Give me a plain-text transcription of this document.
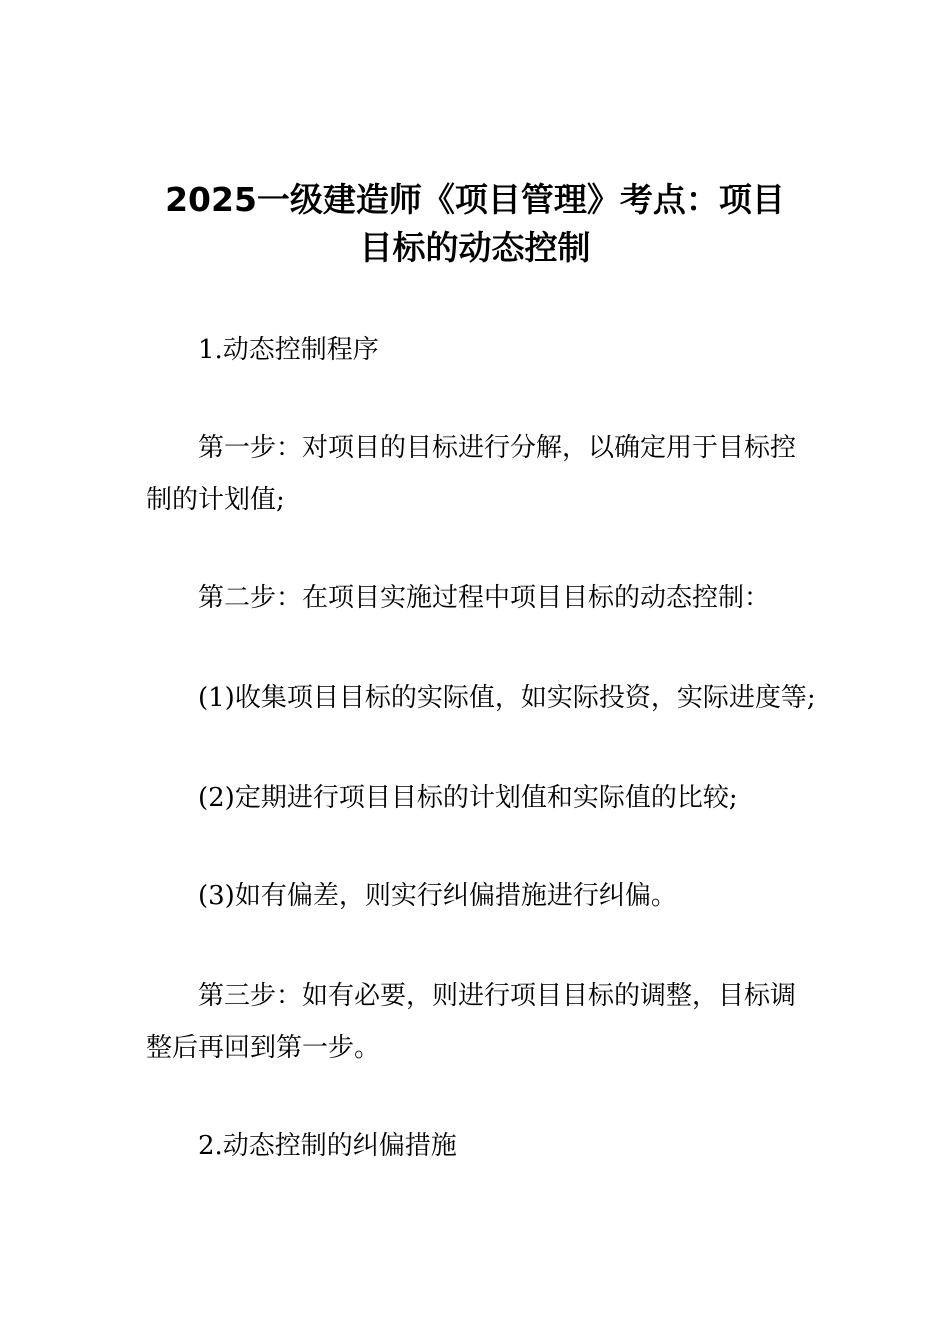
2025一级建造师《项目管理》考点：项目
目标的动态控制
1.动态控制程序
第一步：对项目的目标进行分解，以确定用于目标控
制的计划值;
第二步：在项目实施过程中项目目标的动态控制：
(1)收集项目目标的实际值，如实际投资，实际进度等;
(2)定期进行项目目标的计划值和实际值的比较;
(3)如有偏差，则实行纠偏措施进行纠偏。
第三步：如有必要，则进行项目目标的调整，目标调
整后再回到第一步。
2.动态控制的纠偏措施
